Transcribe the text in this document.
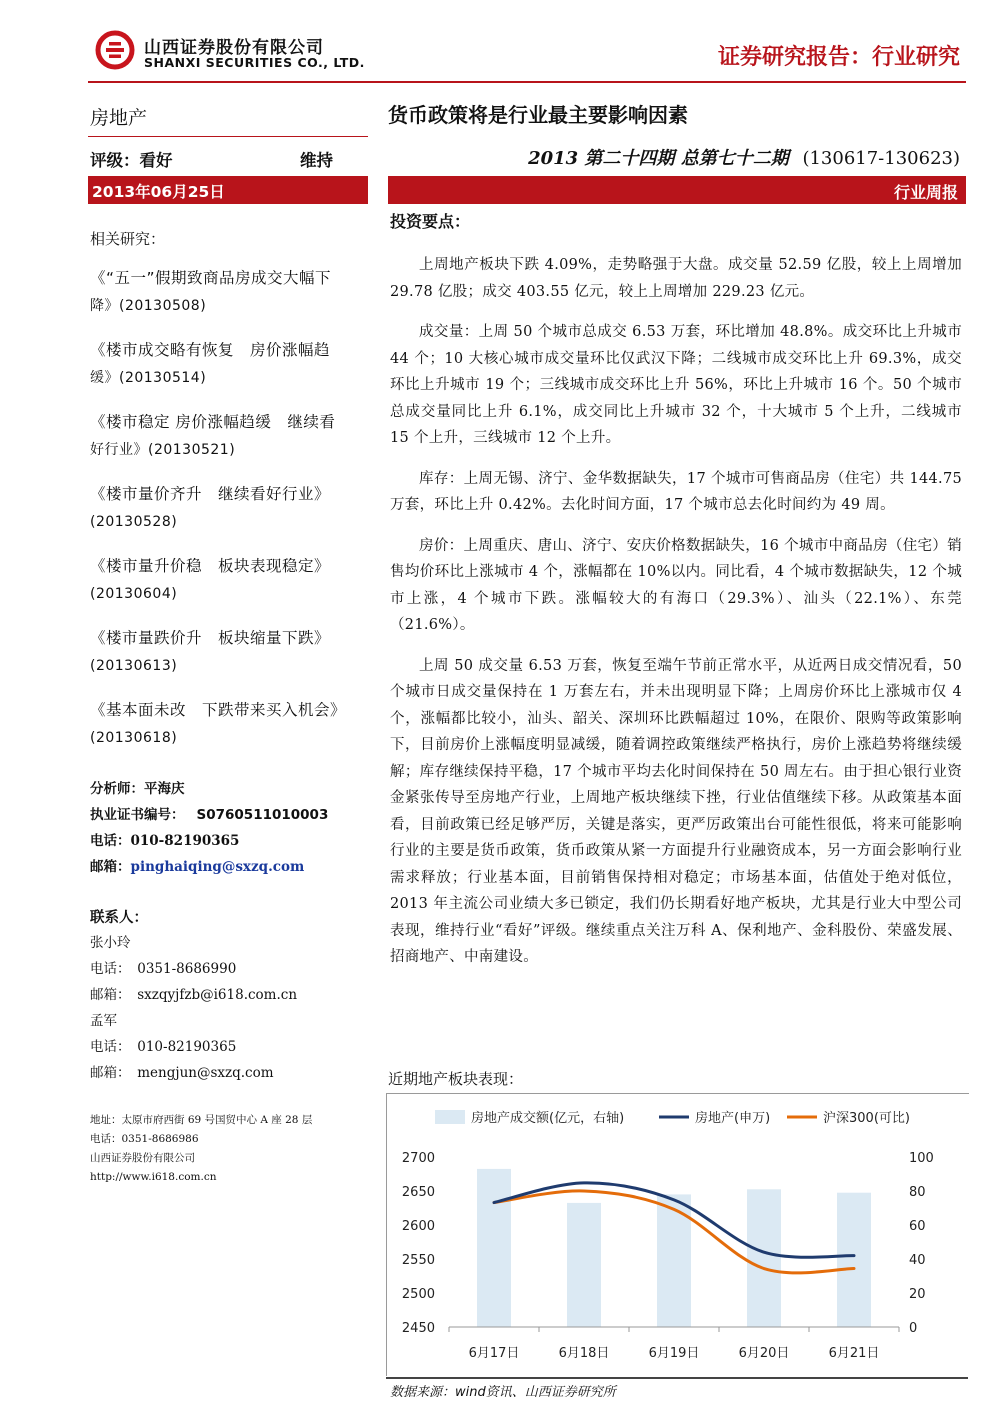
山西证券股份有限公司
SHANXI SECURITIES CO., LTD.	证券研究报告：行业研究
房地产
评级：看好	维持
2013年06月25日
相关研究：
《“五一”假期致商品房成交大幅下
降》(20130508)
《楼市成交略有恢复　房价涨幅趋
缓》(20130514)
《楼市稳定 房价涨幅趋缓　继续看
好行业》(20130521)
《楼市量价齐升　继续看好行业》
(20130528)
《楼市量升价稳　板块表现稳定》
(20130604)
《楼市量跌价升　板块缩量下跌》
(20130613)
《基本面未改　下跌带来买入机会》
(20130618)
分析师：平海庆
执业证书编号： S0760511010003
电话：010-82190365
邮箱：pinghaiqing@sxzq.com
联系人：
张小玲
电话：　0351-8686990
邮箱：　sxzqyjfzb@i618.com.cn
孟军
电话：　010-82190365
邮箱：　mengjun@sxzq.com
地址：太原市府西街 69 号国贸中心 A 座 28 层
电话：0351-8686986
山西证券股份有限公司
http://www.i618.com.cn
货币政策将是行业最主要影响因素
2013 第二十四期 总第七十二期 (130617-130623)
行业周报
投资要点：

上周地产板块下跌 4.09%，走势略强于大盘。成交量 52.59 亿股，较上上周增加 29.78 亿股；成交 403.55 亿元，较上上周增加 229.23 亿元。

成交量：上周 50 个城市总成交 6.53 万套，环比增加 48.8%。成交环比上升城市 44 个；10 大核心城市成交量环比仅武汉下降；二线城市成交环比上升 69.3%，成交环比上升城市 19 个；三线城市成交环比上升 56%，环比上升城市 16 个。50 个城市总成交量同比上升 6.1%，成交同比上升城市 32 个，十大城市 5 个上升，二线城市 15 个上升，三线城市 12 个上升。

库存：上周无锡、济宁、金华数据缺失，17 个城市可售商品房（住宅）共 144.75 万套，环比上升 0.42%。去化时间方面，17 个城市总去化时间约为 49 周。

房价：上周重庆、唐山、济宁、安庆价格数据缺失，16 个城市中商品房（住宅）销售均价环比上涨城市 4 个，涨幅都在 10%以内。同比看，4 个城市数据缺失，12 个城市上涨，4 个城市下跌。涨幅较大的有海口（29.3%）、汕头（22.1%）、东莞（21.6%）。

上周 50 成交量 6.53 万套，恢复至端午节前正常水平，从近两日成交情况看，50 个城市日成交量保持在 1 万套左右，并未出现明显下降；上周房价环比上涨城市仅 4 个，涨幅都比较小，汕头、韶关、深圳环比跌幅超过 10%，在限价、限购等政策影响下，目前房价上涨幅度明显减缓，随着调控政策继续严格执行，房价上涨趋势将继续缓解；库存继续保持平稳，17 个城市平均去化时间保持在 50 周左右。由于担心银行业资金紧张传导至房地产行业，上周地产板块继续下挫，行业估值继续下移。从政策基本面看，目前政策已经足够严厉，关键是落实，更严厉政策出台可能性很低，将来可能影响行业的主要是货币政策，货币政策从紧一方面提升行业融资成本，另一方面会影响行业需求释放；行业基本面，目前销售保持相对稳定；市场基本面，估值处于绝对低位，2013 年主流公司业绩大多已锁定，我们仍长期看好地产板块，尤其是行业大中型公司表现，维持行业“看好”评级。继续重点关注万科 A、保利地产、金科股份、荣盛发展、招商地产、中南建设。

近期地产板块表现：
2450
2500
2550
2600
2650
2700
0
20
40
60
80
100
6月17日	6月18日	6月19日	6月20日	6月21日
房地产成交额(亿元，右轴)	房地产(申万)	沪深300(可比)
数据来源：wind资讯、山西证券研究所
